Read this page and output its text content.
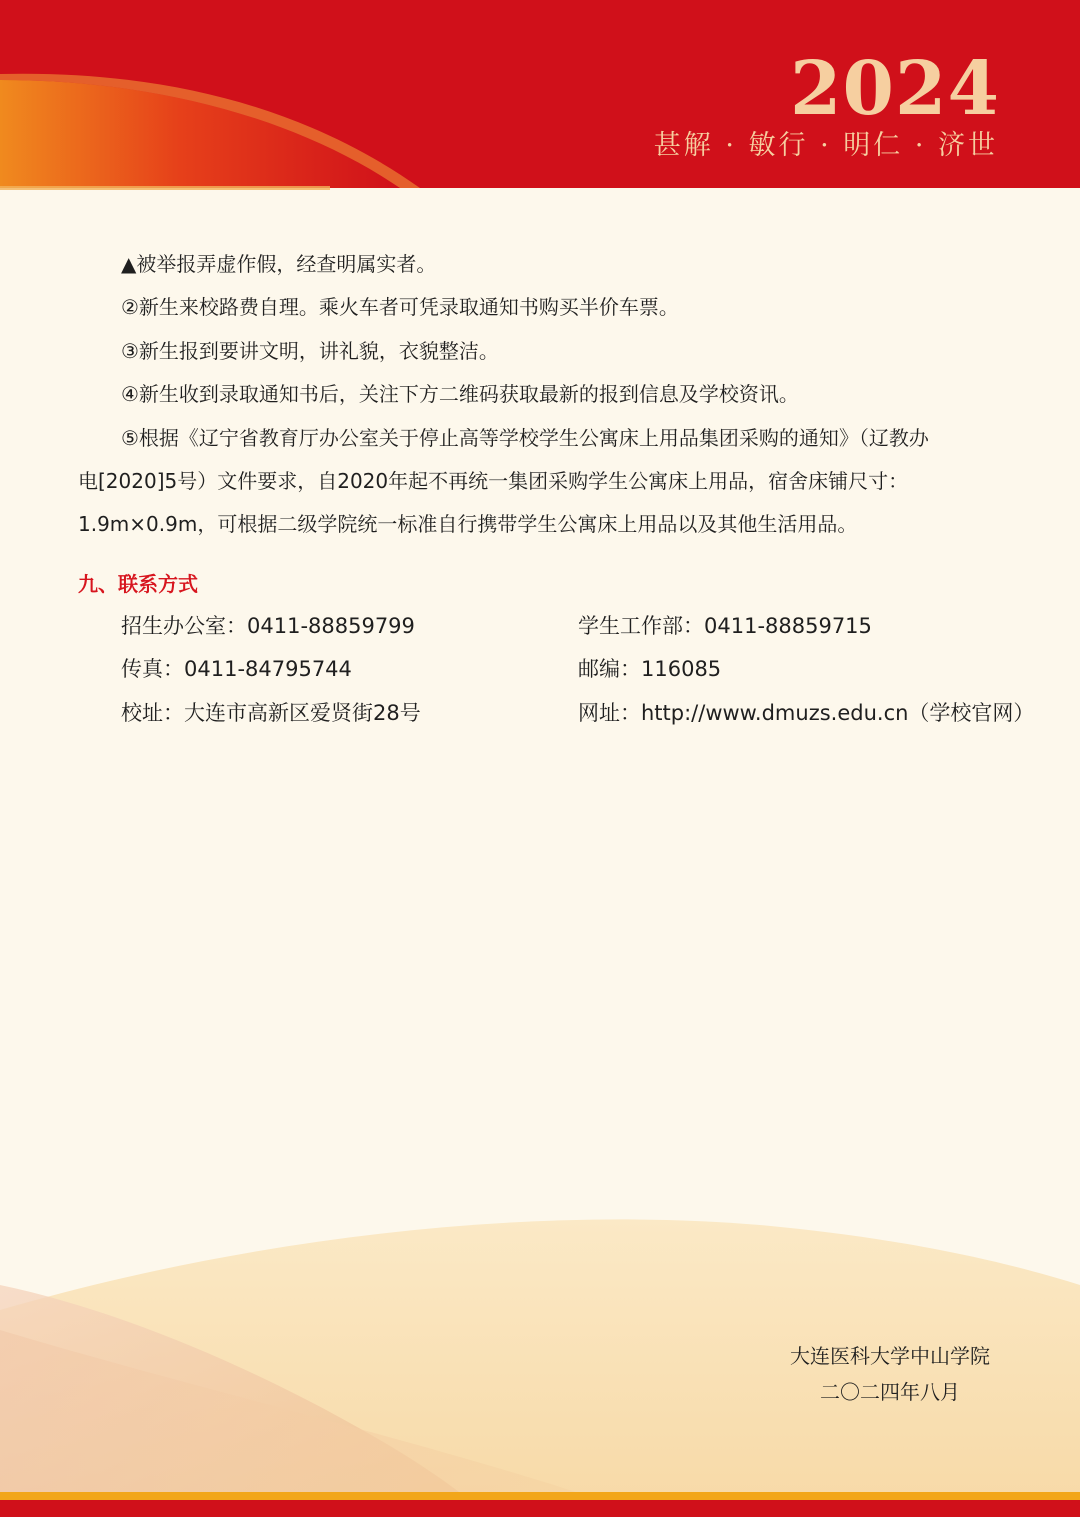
2024
甚解 · 敏行 · 明仁 · 济世

▲被举报弄虚作假，经查明属实者。

②新生来校路费自理。乘火车者可凭录取通知书购买半价车票。

③新生报到要讲文明，讲礼貌，衣貌整洁。

④新生收到录取通知书后，关注下方二维码获取最新的报到信息及学校资讯。

⑤根据《辽宁省教育厅办公室关于停止高等学校学生公寓床上用品集团采购的通知》（辽教办

电[2020]5号）文件要求，自2020年起不再统一集团采购学生公寓床上用品，宿舍床铺尺寸：

1.9m×0.9m，可根据二级学院统一标准自行携带学生公寓床上用品以及其他生活用品。

九、联系方式
招生办公室：0411-88859799	学生工作部：0411-88859715
传真：0411-84795744	邮编：116085
校址：大连市高新区爱贤街28号	网址：http://www.dmuzs.edu.cn（学校官网）
大连医科大学中山学院
二〇二四年八月
